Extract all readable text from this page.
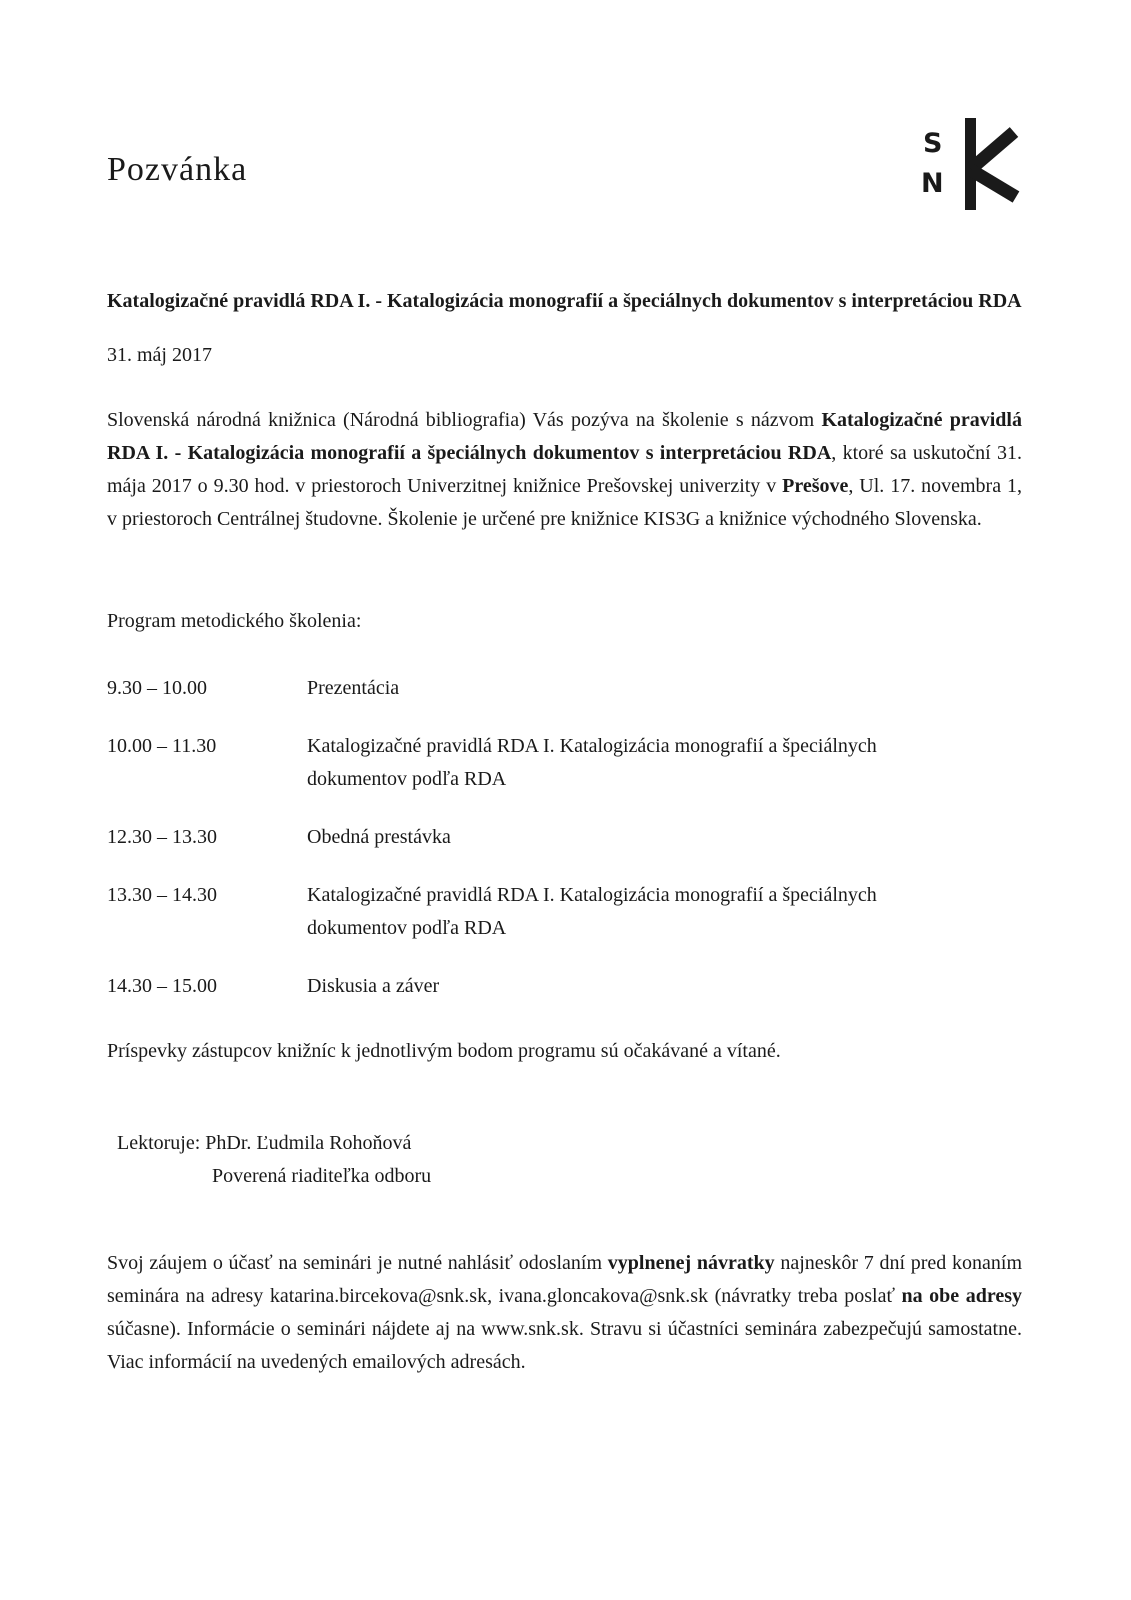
Pozvánka
S
N

Katalogizačné pravidlá RDA I. - Katalogizácia monografií a špeciálnych dokumentov s interpretáciou RDA

31. máj 2017

Slovenská národná knižnica (Národná bibliografia) Vás pozýva na školenie s názvom Katalogizačné pravidlá RDA I. - Katalogizácia monografií a špeciálnych dokumentov s interpretáciou RDA, ktoré sa uskutoční 31. mája 2017 o 9.30 hod. v priestoroch Univerzitnej knižnice Prešovskej univerzity v Prešove, Ul. 17. novembra 1, v priestoroch Centrálnej študovne. Školenie je určené pre knižnice KIS3G a knižnice východného Slovenska.

Program metodického školenia:
9.30 – 10.00	Prezentácia
10.00 – 11.30	Katalogizačné pravidlá RDA I. Katalogizácia monografií a špeciálnych dokumentov podľa RDA
12.30 – 13.30	Obedná prestávka
13.30 – 14.30	Katalogizačné pravidlá RDA I. Katalogizácia monografií a špeciálnych dokumentov podľa RDA
14.30 – 15.00	Diskusia a záver

Príspevky zástupcov knižníc k jednotlivým bodom programu sú očakávané a vítané.

Lektoruje: PhDr. Ľudmila Rohoňová

Poverená riaditeľka odboru

Svoj záujem o účasť na seminári je nutné nahlásiť odoslaním vyplnenej návratky najneskôr 7 dní pred konaním seminára na adresy katarina.bircekova@snk.sk, ivana.gloncakova@snk.sk (návratky treba poslať na obe adresy súčasne). Informácie o seminári nájdete aj na www.snk.sk. Stravu si účastníci seminára zabezpečujú samostatne. Viac informácií na uvedených emailových adresách.
